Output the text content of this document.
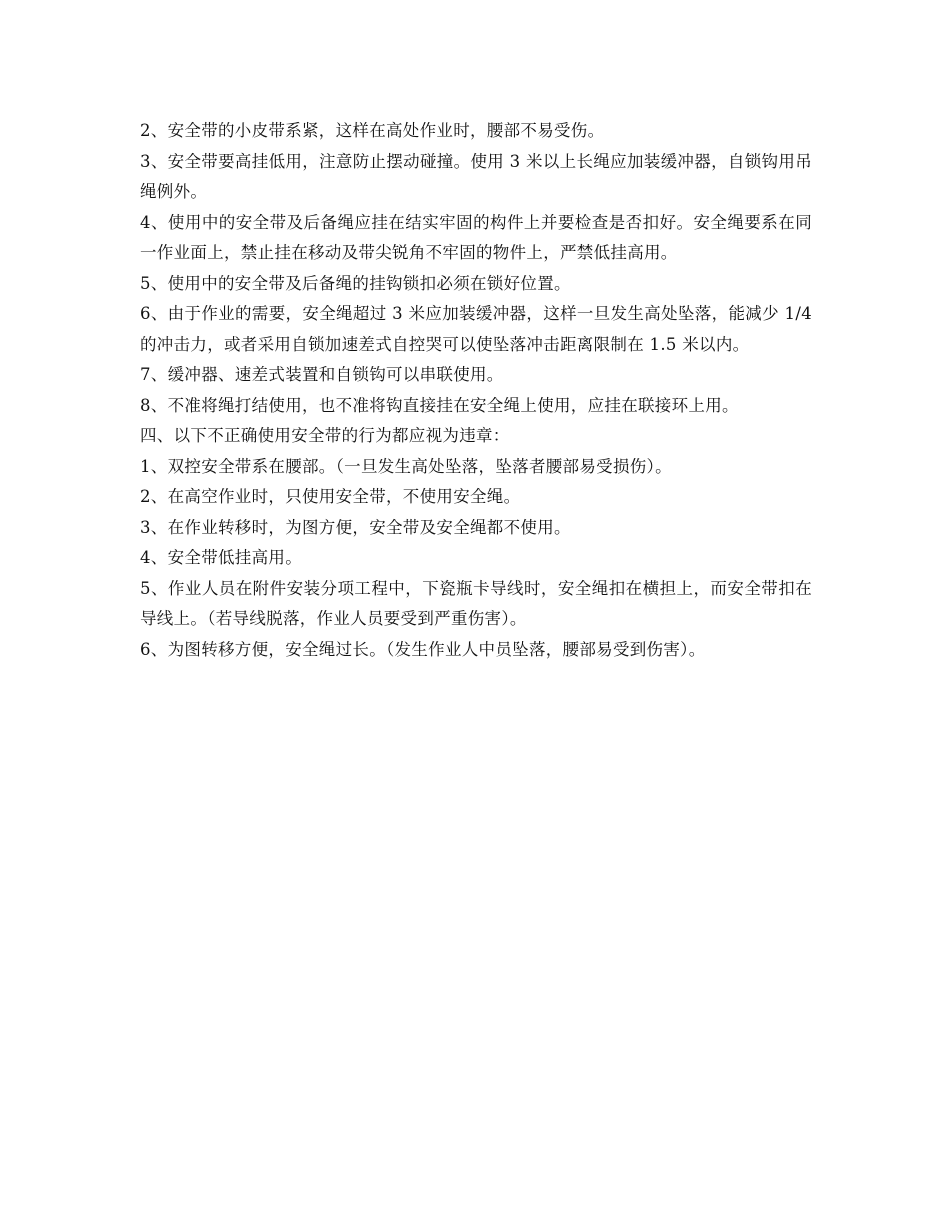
2、安全带的小皮带系紧，这样在高处作业时，腰部不易受伤。

3、安全带要高挂低用，注意防止摆动碰撞。使用 3 米以上长绳应加装缓冲器，自锁钩用吊绳例外。

4、使用中的安全带及后备绳应挂在结实牢固的构件上并要检查是否扣好。安全绳要系在同一作业面上，禁止挂在移动及带尖锐角不牢固的物件上，严禁低挂高用。

5、使用中的安全带及后备绳的挂钩锁扣必须在锁好位置。

6、由于作业的需要，安全绳超过 3 米应加装缓冲器，这样一旦发生高处坠落，能减少 1/4 的冲击力，或者采用自锁加速差式自控哭可以使坠落冲击距离限制在 1.5 米以内。

7、缓冲器、速差式装置和自锁钩可以串联使用。

8、不准将绳打结使用，也不准将钩直接挂在安全绳上使用，应挂在联接环上用。

四、以下不正确使用安全带的行为都应视为违章：

1、双控安全带系在腰部。（一旦发生高处坠落，坠落者腰部易受损伤）。

2、在高空作业时，只使用安全带，不使用安全绳。

3、在作业转移时，为图方便，安全带及安全绳都不使用。

4、安全带低挂高用。

5、作业人员在附件安装分项工程中，下瓷瓶卡导线时，安全绳扣在横担上，而安全带扣在导线上。（若导线脱落，作业人员要受到严重伤害）。

6、为图转移方便，安全绳过长。（发生作业人中员坠落，腰部易受到伤害）。
